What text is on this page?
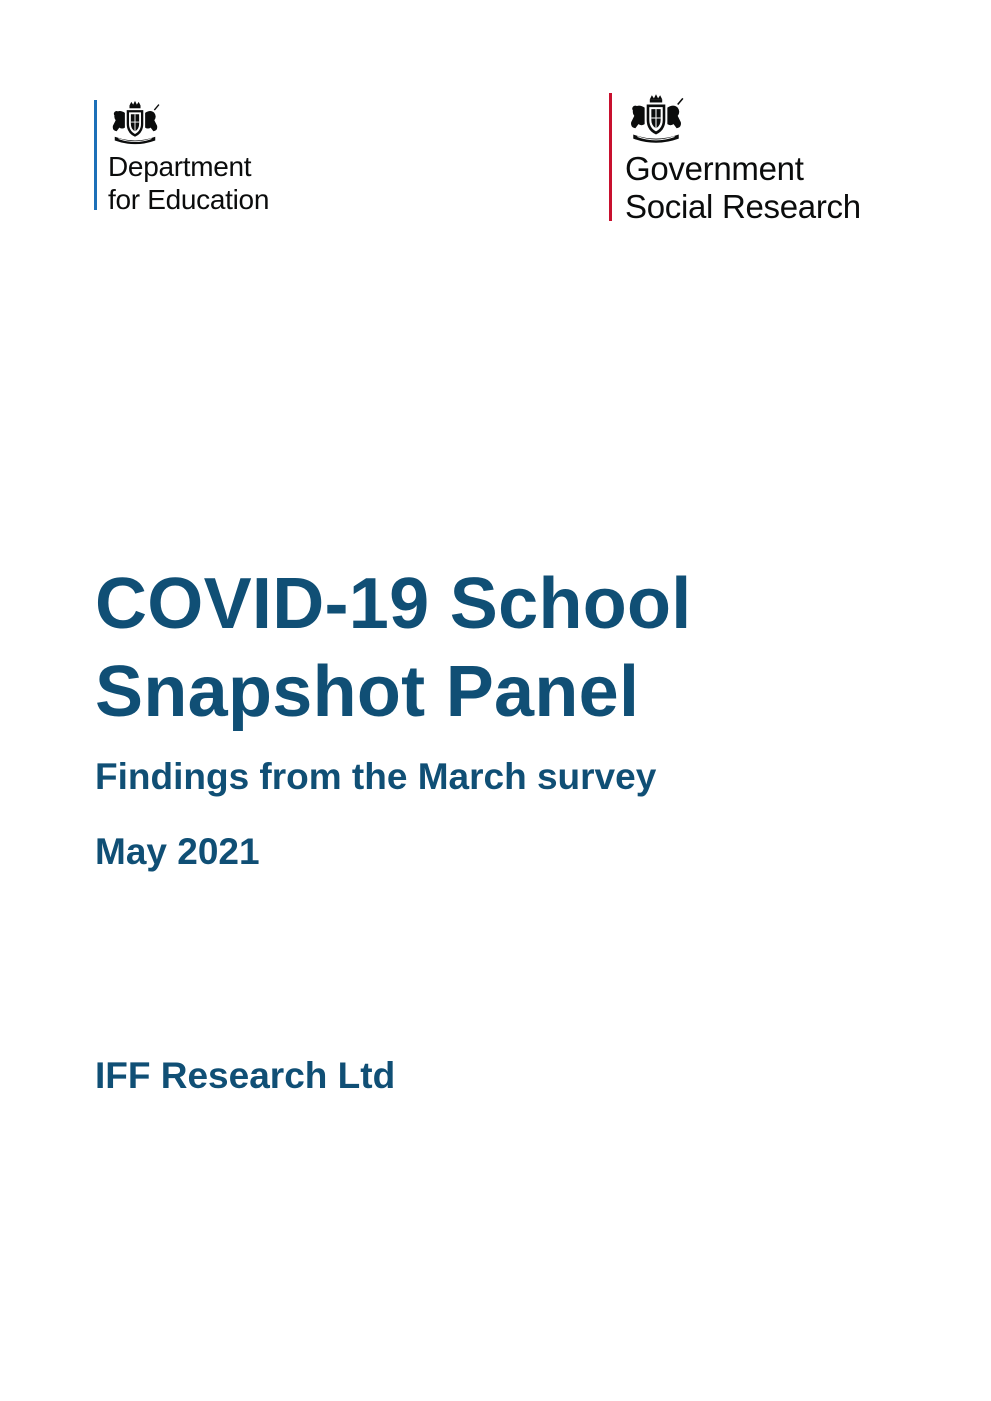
Department
for Education
Government
Social Research
COVID-19 School
Snapshot Panel
Findings from the March survey
May 2021
IFF Research Ltd
